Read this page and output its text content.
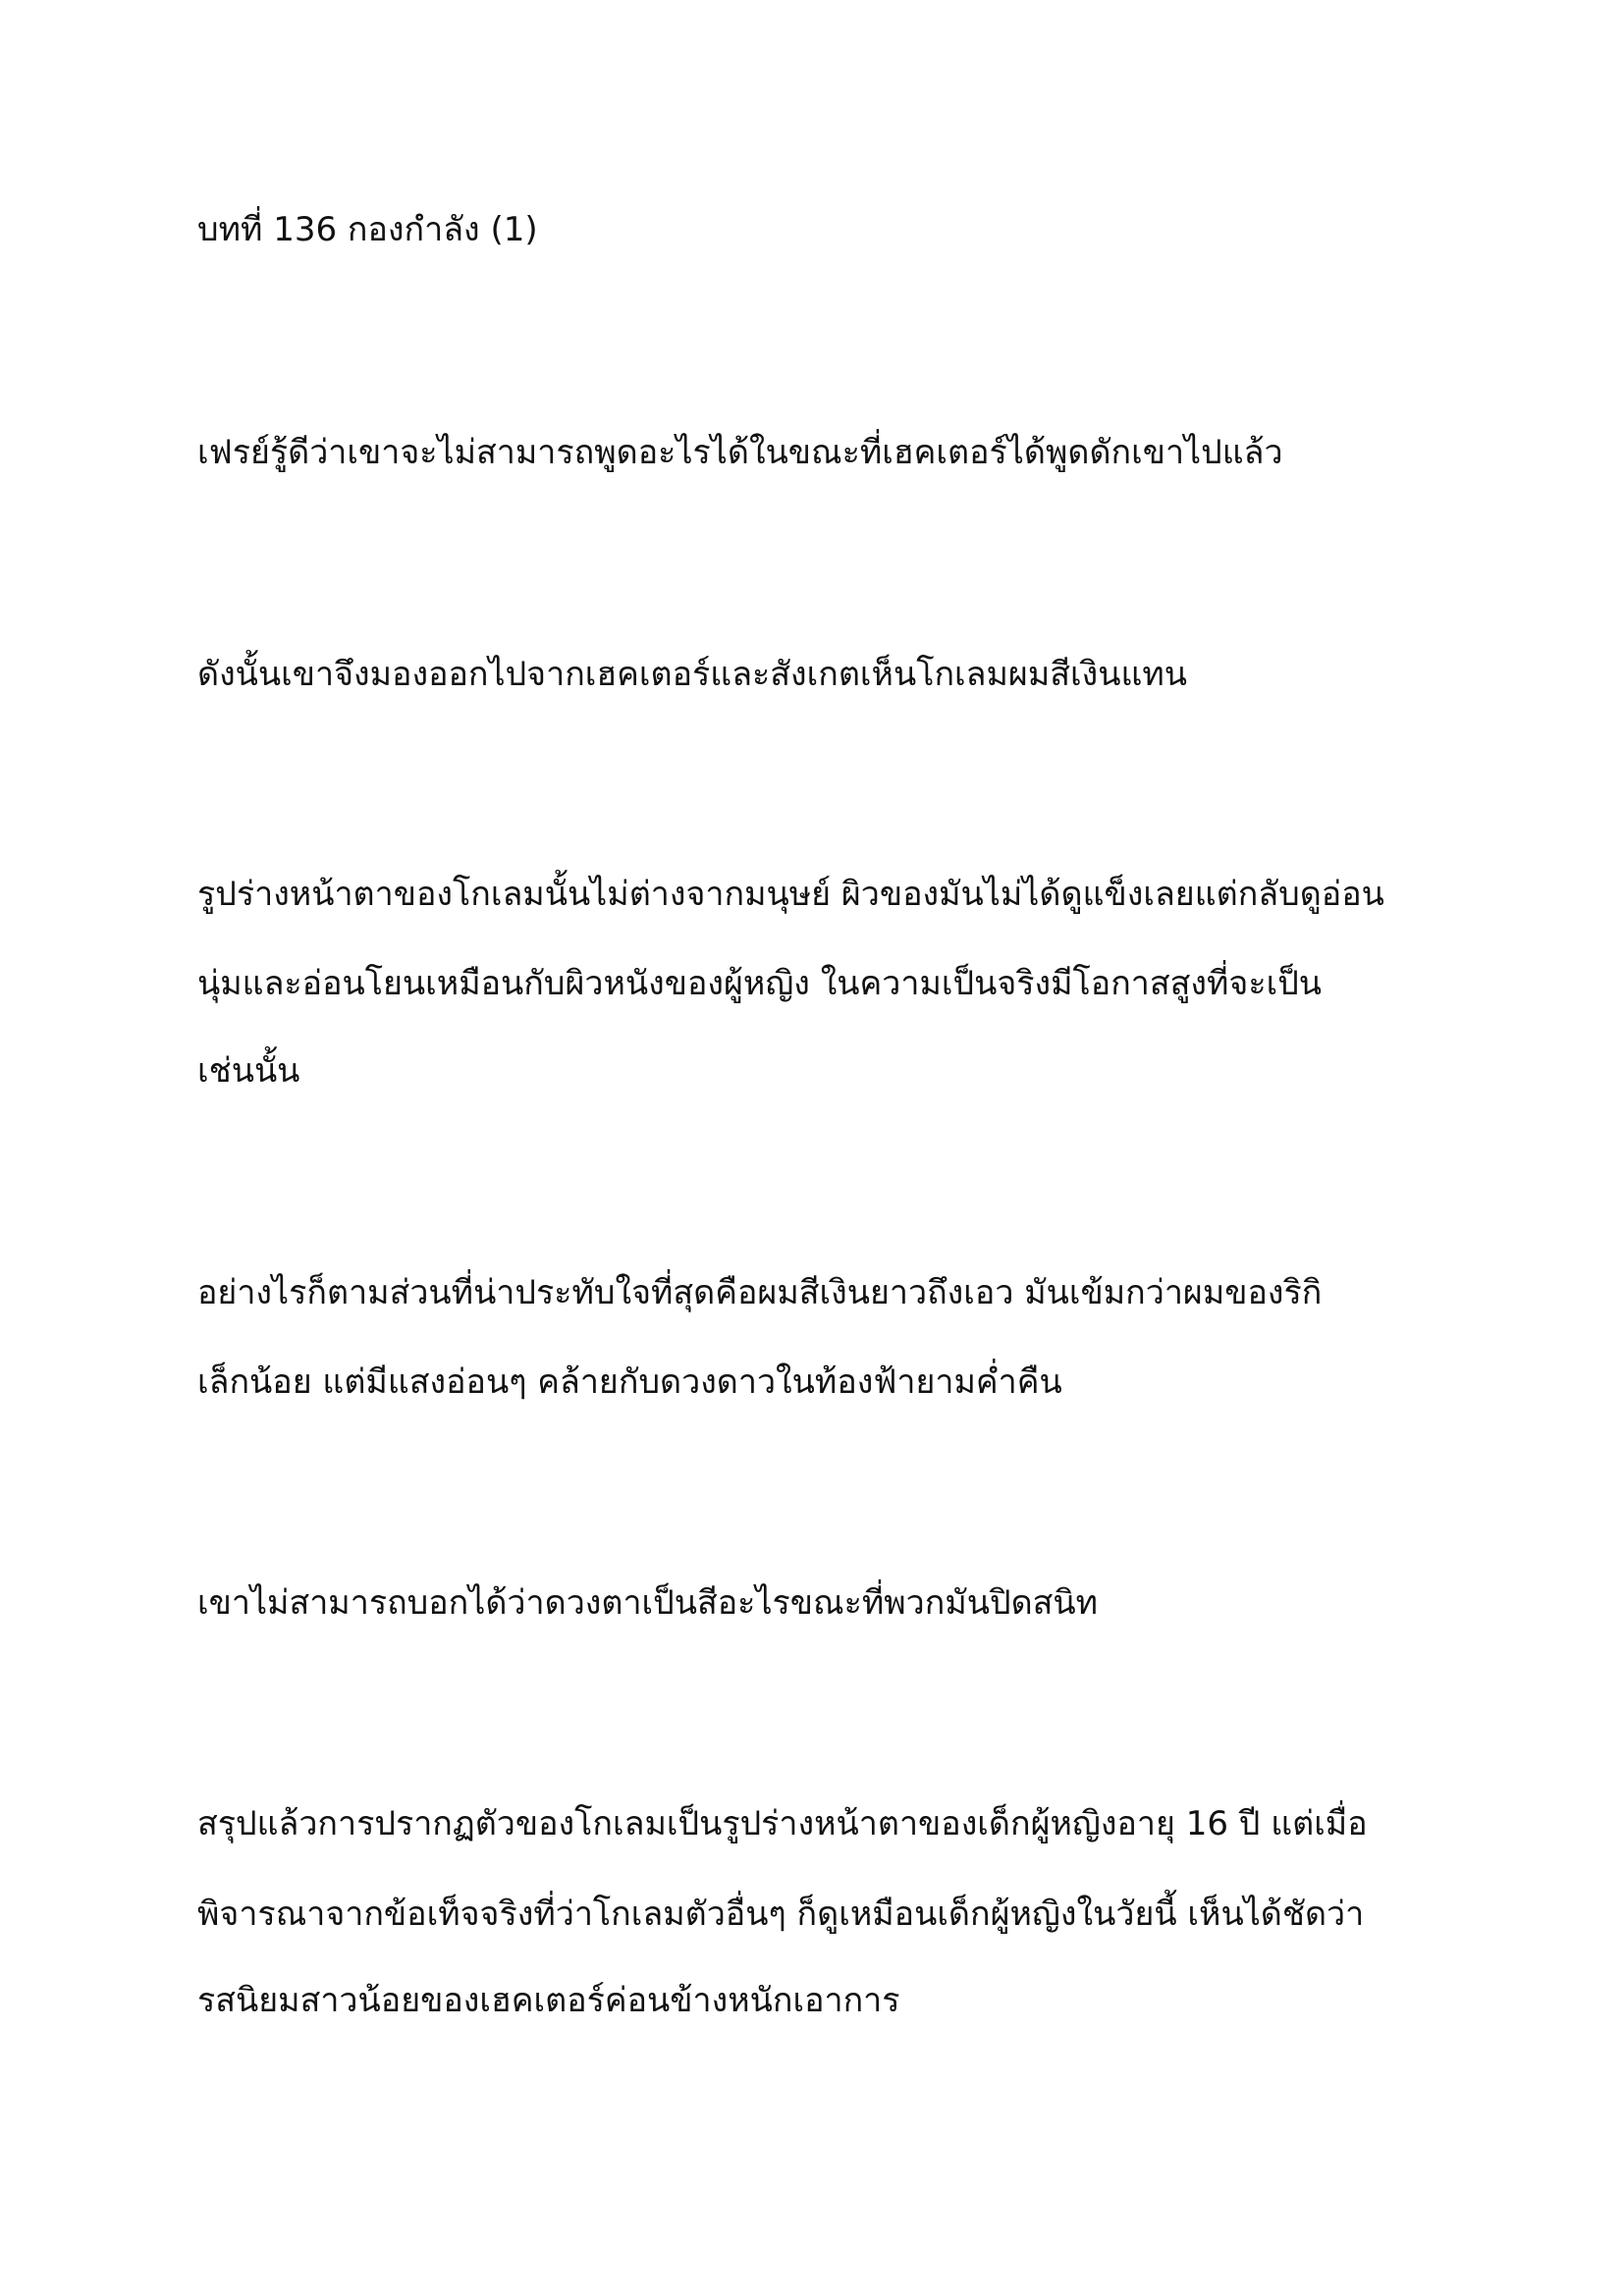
บทที่ 136 กองกำลัง (1)
เฟรย์รู้ดีว่าเขาจะไม่สามารถพูดอะไรได้ในขณะที่เฮคเตอร์ได้พูดดักเขาไปแล้ว
ดังนั้นเขาจึงมองออกไปจากเฮคเตอร์และสังเกตเห็นโกเลมผมสีเงินแทน
รูปร่างหน้าตาของโกเลมนั้นไม่ต่างจากมนุษย์ ผิวของมันไม่ได้ดูแข็งเลยแต่กลับดูอ่อน
นุ่มและอ่อนโยนเหมือนกับผิวหนังของผู้หญิง ในความเป็นจริงมีโอกาสสูงที่จะเป็น
เช่นนั้น
อย่างไรก็ตามส่วนที่น่าประทับใจที่สุดคือผมสีเงินยาวถึงเอว มันเข้มกว่าผมของริกิ
เล็กน้อย แต่มีแสงอ่อนๆ คล้ายกับดวงดาวในท้องฟ้ายามค่ำคืน
เขาไม่สามารถบอกได้ว่าดวงตาเป็นสีอะไรขณะที่พวกมันปิดสนิท
สรุปแล้วการปรากฏตัวของโกเลมเป็นรูปร่างหน้าตาของเด็กผู้หญิงอายุ 16 ปี แต่เมื่อ
พิจารณาจากข้อเท็จจริงที่ว่าโกเลมตัวอื่นๆ ก็ดูเหมือนเด็กผู้หญิงในวัยนี้ เห็นได้ชัดว่า
รสนิยมสาวน้อยของเฮคเตอร์ค่อนข้างหนักเอาการ
